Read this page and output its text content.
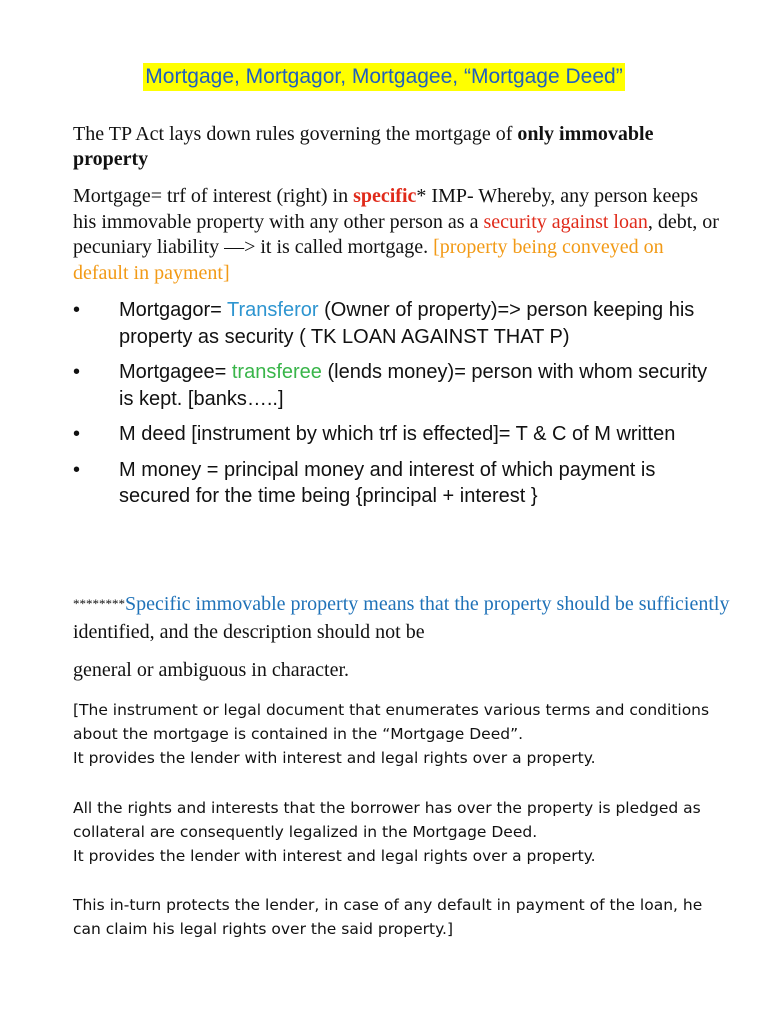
Mortgage, Mortgagor, Mortgagee, “Mortgage Deed”
The TP Act lays down rules governing the mortgage of only immovable property
Mortgage= trf of interest (right) in specific* IMP- Whereby, any person keeps his immovable property with any other person as a security against loan, debt, or pecuniary liability —> it is called mortgage. [property being conveyed on default in payment]
• Mortgagor= Transferor (Owner of property)=> person keeping his property as security ( TK LOAN AGAINST THAT P)
• Mortgagee= transferee (lends money)= person with whom security is kept. [banks…..]
• M deed [instrument by which trf is effected]= T & C of M written
• M money = principal money and interest of which payment is secured for the time being {principal + interest }
********Specific immovable property means that the property should be sufficiently identified, and the description should not be
general or ambiguous in character.
[The instrument or legal document that enumerates various terms and conditions about the mortgage is contained in the “Mortgage Deed”.
It provides the lender with interest and legal rights over a property.
All the rights and interests that the borrower has over the property is pledged as collateral are consequently legalized in the Mortgage Deed.
It provides the lender with interest and legal rights over a property.
This in-turn protects the lender, in case of any default in payment of the loan, he can claim his legal rights over the said property.]
